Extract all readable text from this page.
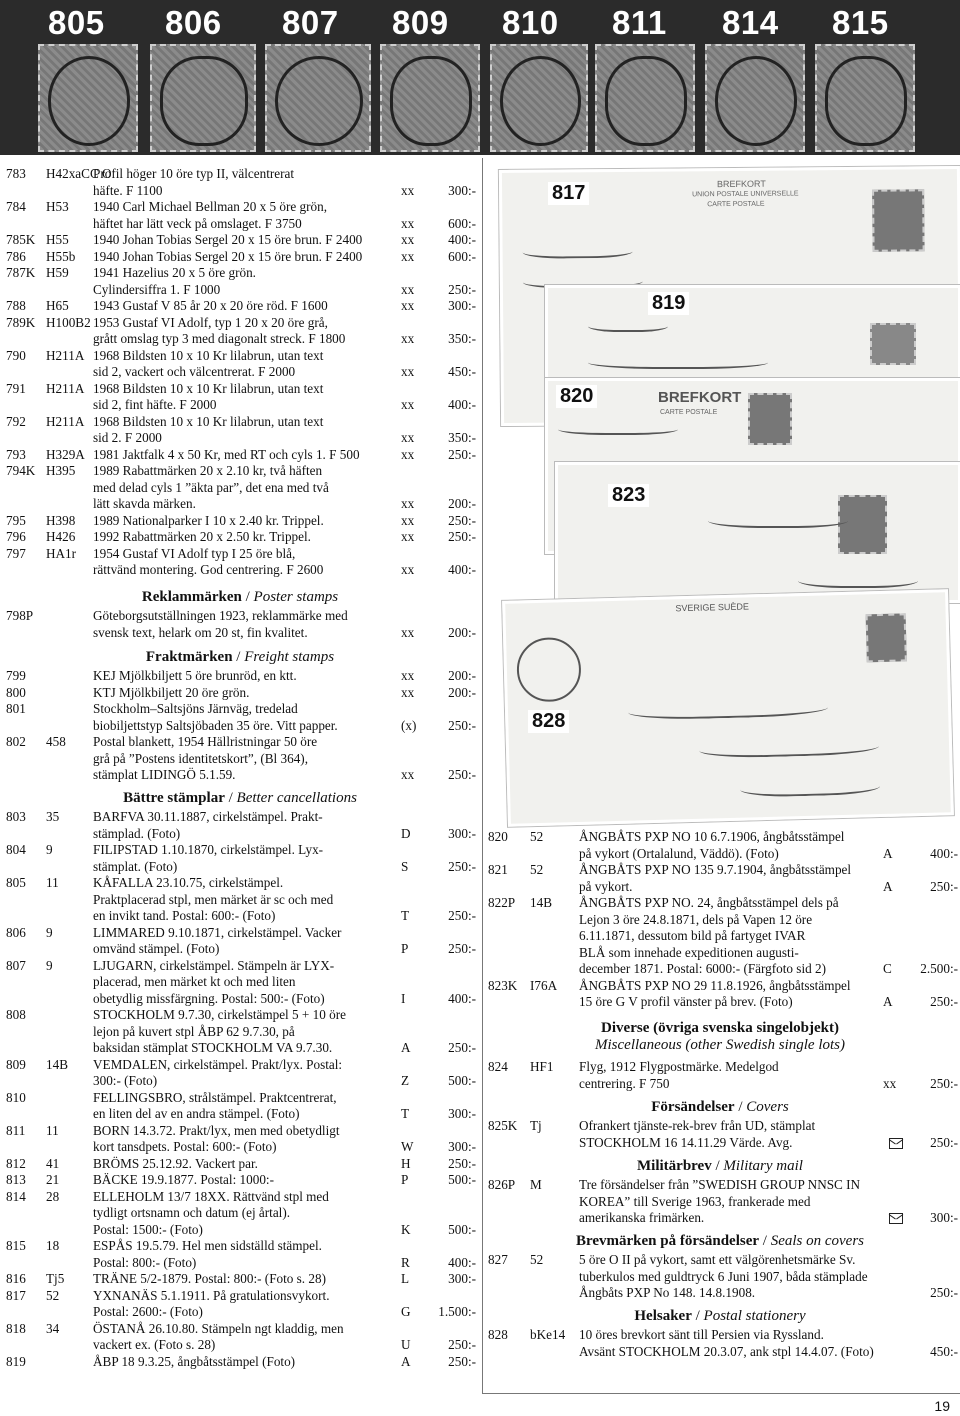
805 806 807 809 810 811 814 815
BREFKORT
UNION POSTALE UNIVERSELLE
CARTE POSTALE
817
819
BREFKORT
CARTE POSTALE
820
823
SVERIGE SUÈDE
828
783 H42xaCC O
Profil höger 10 öre typ II, välcentrerat
häfte. F 1100	xx	300:-
784 H53 1940 Carl Michael Bellman 20 x 5 öre grön,
häftet har lätt veck på omslaget. F 3750	xx	600:-
785K H55 1940 Johan Tobias Sergel 20 x 15 öre brun. F 2400	xx	400:-
786 H55b 1940 Johan Tobias Sergel 20 x 15 öre brun. F 2400	xx	600:-
787K H59 1941 Hazelius 20 x 5 öre grön.
Cylindersiffra 1. F 1000	xx	250:-
788 H65 1943 Gustaf V 85 år 20 x 20 öre röd. F 1600	xx	300:-
789K H100B2 1953 Gustaf VI Adolf, typ 1 20 x 20 öre grå,
grått omslag typ 3 med diagonalt streck. F 1800	xx	350:-
790 H211A 1968 Bildsten 10 x 10 Kr lilabrun, utan text
sid 2, vackert och välcentrerat. F 2000	xx	450:-
791 H211A 1968 Bildsten 10 x 10 Kr lilabrun, utan text
sid 2, fint häfte. F 2000	xx	400:-
792 H211A 1968 Bildsten 10 x 10 Kr lilabrun, utan text
sid 2. F 2000	xx	350:-
793 H329A 1981 Jaktfalk 4 x 50 Kr, med RT och cyls 1. F 500	xx	250:-
794K H395 1989 Rabattmärken 20 x 2.10 kr, två häften
med delad cyls 1 ”äkta par”, det ena med två
lätt skavda märken.	xx	200:-
795 H398 1989 Nationalparker I 10 x 2.40 kr. Trippel.	xx	250:-
796 H426 1992 Rabattmärken 20 x 2.50 kr. Trippel.	xx	250:-
797 HA1r 1954 Gustaf VI Adolf typ I 25 öre blå,
rättvänd montering. God centrering. F 2600	xx	400:-
Reklammärken / Poster stamps
798P	Göteborgsutställningen 1923, reklammärke med
svensk text, helark om 20 st, fin kvalitet.	xx	200:-
Fraktmärken / Freight stamps
799	KEJ Mjölkbiljett 5 öre brunröd, en ktt.	xx	200:-
800	KTJ Mjölkbiljett 20 öre grön.	xx	200:-
801	Stockholm–Saltsjöns Järnväg, tredelad
biobiljettstyp Saltsjöbaden 35 öre. Vitt papper.	(x)	250:-
802 458 Postal blankett, 1954 Hällristningar 50 öre
grå på ”Postens identitetskort”, (Bl 364),
stämplat LIDINGÖ 5.1.59.	xx	250:-
Bättre stämplar / Better cancellations
803 35	BARFVA 30.11.1887, cirkelstämpel. Prakt-
stämplad. (Foto)	D	300:-
804 9	FILIPSTAD 1.10.1870, cirkelstämpel. Lyx-
stämplat. (Foto)	S	250:-
805 11	KÅFALLA 23.10.75, cirkelstämpel.
Praktplacerad stpl, men märket är sc och med
en invikt tand. Postal: 600:- (Foto)	T	250:-
806 9	LIMMARED 9.10.1871, cirkelstämpel. Vacker
omvänd stämpel. (Foto)	P	250:-
807 9	LJUGARN, cirkelstämpel. Stämpeln är LYX-
placerad, men märket kt och med liten
obetydlig missfärgning. Postal: 500:- (Foto)	I	400:-
808	STOCKHOLM 9.7.30, cirkelstämpel 5 + 10 öre
lejon på kuvert stpl ÅBP 62 9.7.30, på
baksidan stämplat STOCKHOLM VA 9.7.30.	A	250:-
809 14B VEMDALEN, cirkelstämpel. Prakt/lyx. Postal:
300:- (Foto)	Z	500:-
810	FELLINGSBRO, strålstämpel. Praktcentrerat,
en liten del av en andra stämpel. (Foto)	T	300:-
811 11	BORN 14.3.72. Prakt/lyx, men med obetydligt
kort tansdpets. Postal: 600:- (Foto)	W	300:-
812 41	BRÖMS 25.12.92. Vackert par.	H	250:-
813 21	BÄCKE 19.9.1877. Postal: 1000:-	P	500:-
814 28	ELLEHOLM 13/7 18XX. Rättvänd stpl med
tydligt ortsnamn och datum (ej årtal).
Postal: 1500:- (Foto)	K	500:-
815 18	ESPÅS 19.5.79. Hel men sidställd stämpel.
Postal: 800:- (Foto)	R	400:-
816 Tj5 TRÄNE 5/2-1879. Postal: 800:- (Foto s. 28)	L	300:-
817 52	YXNANÄS 5.1.1911. På gratulationsvykort.
Postal: 2600:- (Foto)	G	1.500:-
818 34	ÖSTANÅ 26.10.80. Stämpeln ngt kladdig, men
vackert ex. (Foto s. 28)	U	250:-
819	ÅBP 18 9.3.25, ångbåtsstämpel (Foto)	A	250:-
820 52	ÅNGBÅTS PXP NO 10 6.7.1906, ångbåtsstämpel
på vykort (Ortalalund, Väddö). (Foto)	A	400:-
821 52	ÅNGBÅTS PXP NO 135 9.7.1904, ångbåtsstämpel
på vykort.	A	250:-
822P 14B ÅNGBÅTS PXP NO. 24, ångbåtsstämpel dels på
Lejon 3 öre 24.8.1871, dels på Vapen 12 öre
6.11.1871, dessutom bild på fartyget IVAR
BLÅ som innehade expeditionen augusti-
december 1871. Postal: 6000:- (Färgfoto sid 2)	C	2.500:-
823K I76A ÅNGBÅTS PXP NO 29 11.8.1926, ångbåtsstämpel
15 öre G V profil vänster på brev. (Foto)	A	250:-
Diverse (övriga svenska singelobjekt)
Miscellaneous (other Swedish single lots)
824 HF1 Flyg, 1912 Flygpostmärke. Medelgod
centrering. F 750	xx	250:-
Försändelser / Covers
825K Tj	Ofrankert tjänste-rek-brev från UD, stämplat
STOCKHOLM 16 14.11.29 Värde. Avg.	250:-
Militärbrev / Military mail
826P M	Tre försändelser från ”SWEDISH GROUP NNSC IN
KOREA” till Sverige 1963, frankerade med
amerikanska frimärken.	300:-
Brevmärken på försändelser / Seals on covers
827 52	5 öre O II på vykort, samt ett välgörenhetsmärke Sv.
tuberkulos med guldtryck 6 Juni 1907, båda stämplade
Ångbåts PXP No 148. 14.8.1908.	250:-
Helsaker / Postal stationery
828 bKe14 10 öres brevkort sänt till Persien via Ryssland.
Avsänt STOCKHOLM 20.3.07, ank stpl 14.4.07. (Foto)	450:-
19
